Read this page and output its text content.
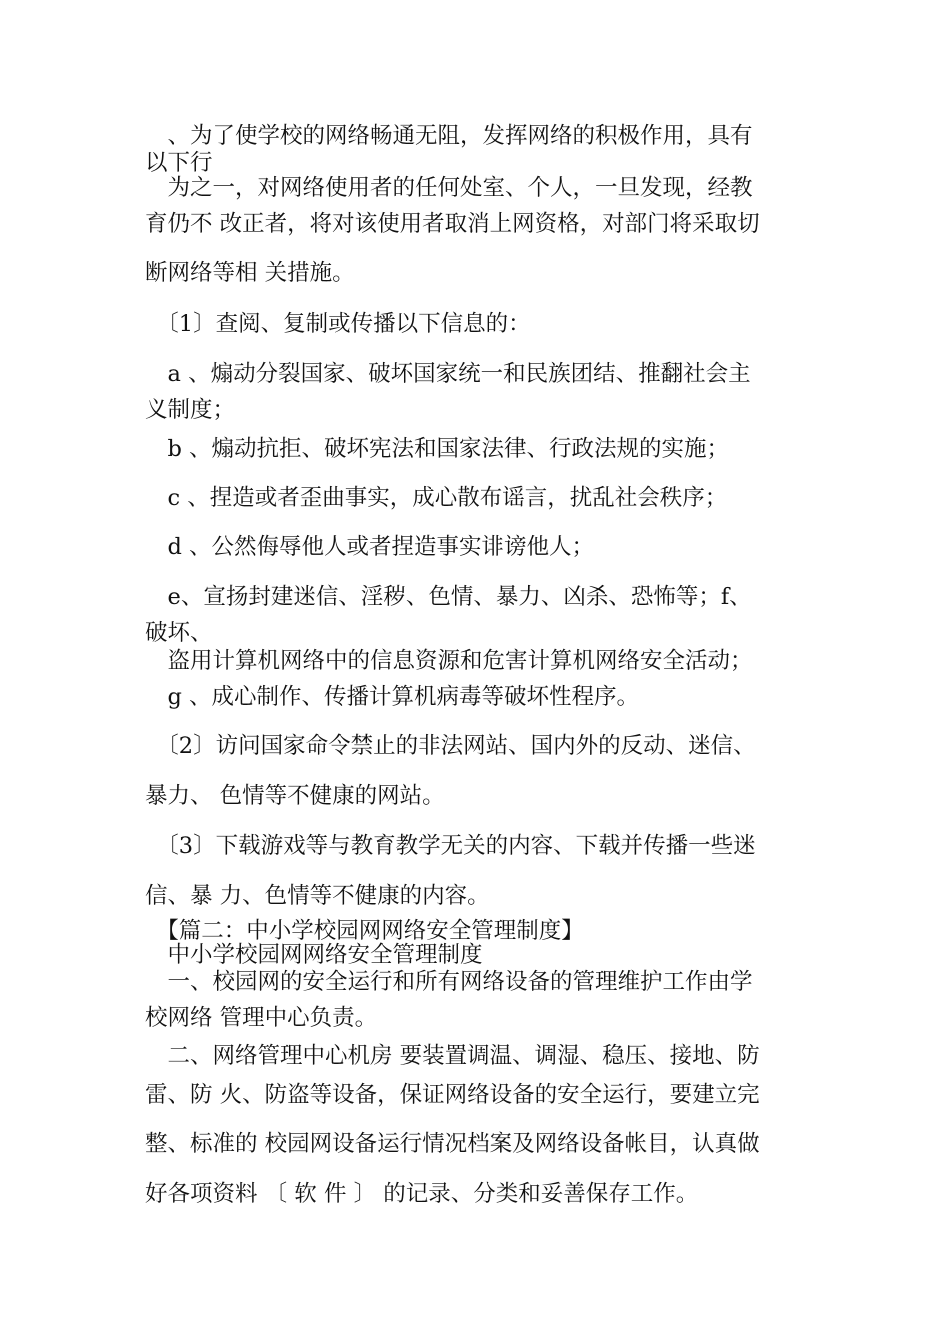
　、为了使学校的网络畅通无阻，发挥网络的积极作用，具有

以下行

　为之一，对网络使用者的任何处室、个人，一旦发现，经教

育仍不 改正者，将对该使用者取消上网资格，对部门将采取切

断网络等相 关措施。

　〔1〕查阅、复制或传播以下信息的：

　a 、煽动分裂国家、破坏国家统一和民族团结、推翻社会主

义制度；

　b 、煽动抗拒、破坏宪法和国家法律、行政法规的实施；

　c 、捏造或者歪曲事实，成心散布谣言，扰乱社会秩序；

　d 、公然侮辱他人或者捏造事实诽谤他人；

　e、宣扬封建迷信、淫秽、色情、暴力、凶杀、恐怖等；f、

破坏、

　盗用计算机网络中的信息资源和危害计算机网络安全活动；

　g 、成心制作、传播计算机病毒等破坏性程序。

　〔2〕访问国家命令禁止的非法网站、国内外的反动、迷信、

暴力、 色情等不健康的网站。

　〔3〕下载游戏等与教育教学无关的内容、下载并传播一些迷

信、暴 力、色情等不健康的内容。

　【篇二：中小学校园网网络安全管理制度】

　中小学校园网网络安全管理制度

　一、校园网的安全运行和所有网络设备的管理维护工作由学

校网络 管理中心负责。

　二、网络管理中心机房 要装置调温、调湿、稳压、接地、防

雷、防 火、防盗等设备，保证网络设备的安全运行，要建立完

整、标准的 校园网设备运行情况档案及网络设备帐目，认真做

好各项资料 〔 软 件 〕 的记录、分类和妥善保存工作。
